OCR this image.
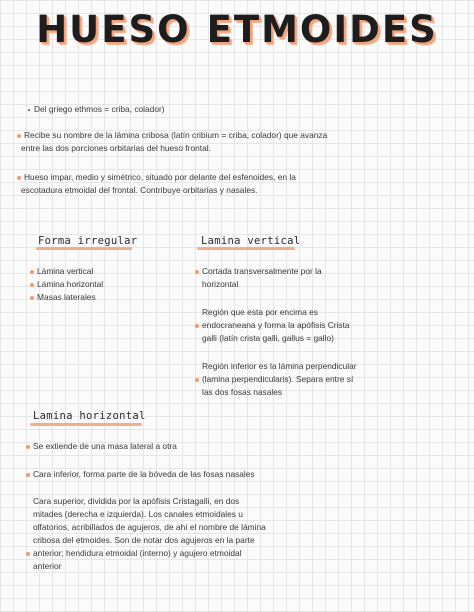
HUESO ETMOIDES
Del griego ethmos = criba, colador)
Recibe su nombre de la lámina cribosa (latín cribium = criba, colador) que avanza
entre las dos porciones orbitarias del hueso frontal.
Hueso impar, medio y simétrico, situado por delante del esfenoides, en la
escotadura etmoidal del frontal. Contribuye orbitarias y nasales.
Forma irregular
Lámina vertical
Lámina horizontal
Masas laterales
Lamina vertical
Cortada transversalmente por la
horizontal
Región que esta por encima es
endocraneana y forma la apófisis Crista
galli (latín crista galli, gallus = gallo)
Región inferior es la lámina perpendicular
(lamina perpendicularis). Separa entre sí
las dos fosas nasales
Lamina horizontal
Se extiende de una masa lateral a otra
Cara inferior, forma parte de la bóveda de las fosas nasales
Cara superior, dividida por la apófisis Cristagalli, en dos
mitades (derecha e izquierda). Los canales etmoidales u
olfatorios, acribillados de agujeros, de ahí el nombre de lámina
cribosa del etmoides. Son de notar dos agujeros en la parte
anterior; hendidura etmoidal (interno) y agujero etmoidal
anterior
